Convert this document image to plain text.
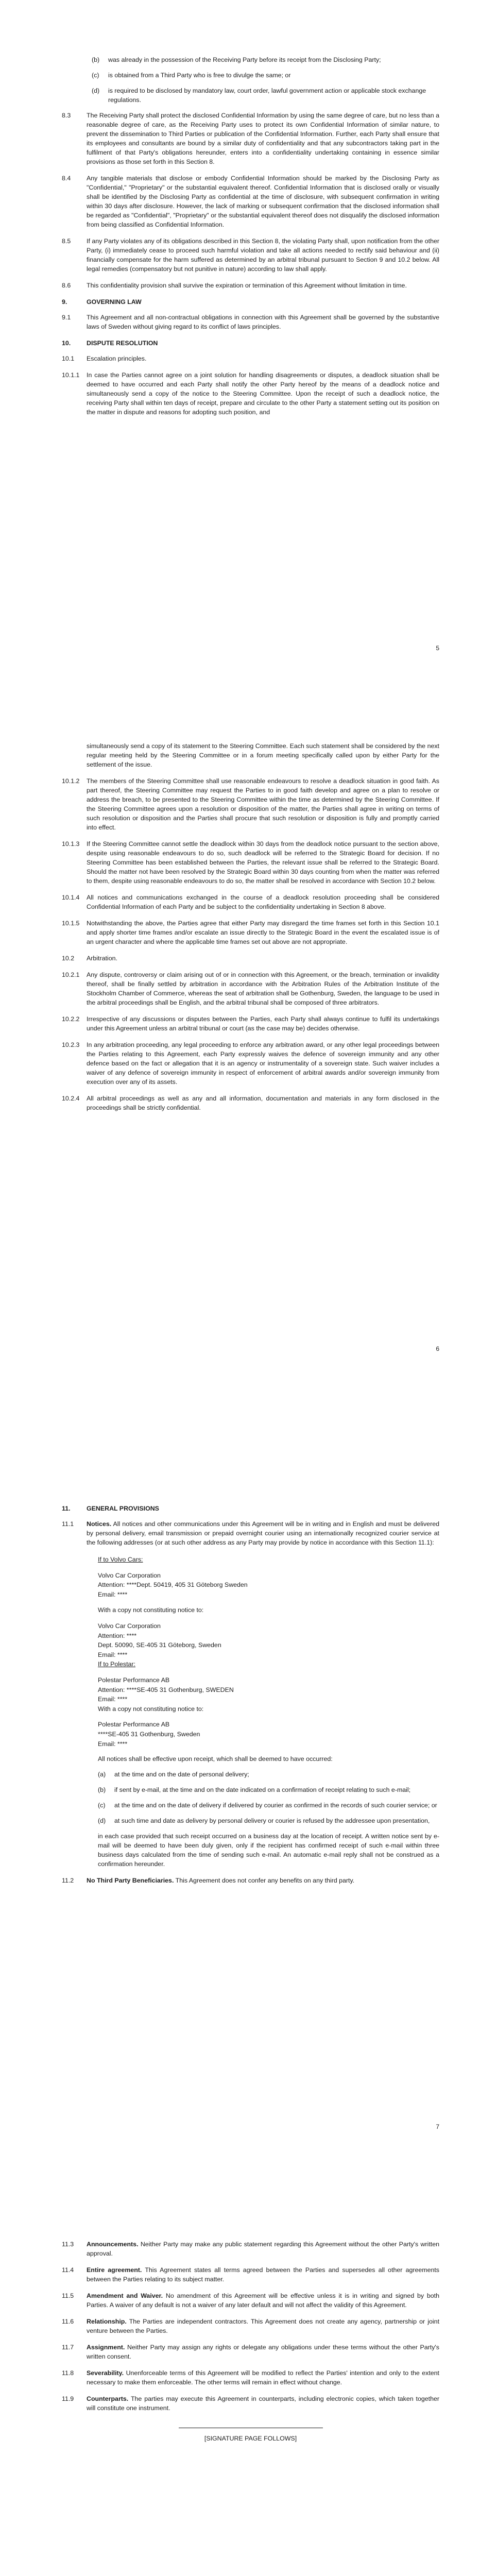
(b)	was already in the possession of the Receiving Party before its receipt from the Disclosing Party;
(c)	is obtained from a Third Party who is free to divulge the same; or
(d)	is required to be disclosed by mandatory law, court order, lawful government action or applicable stock exchange regulations.
8.3	The Receiving Party shall protect the disclosed Confidential Information by using the same degree of care, but no less than a reasonable degree of care, as the Receiving Party uses to protect its own Confidential Information of similar nature, to prevent the dissemination to Third Parties or publication of the Confidential Information. Further, each Party shall ensure that its employees and consultants are bound by a similar duty of confidentiality and that any subcontractors taking part in the fulfilment of that Party's obligations hereunder, enters into a confidentiality undertaking containing in essence similar provisions as those set forth in this Section 8.
8.4	Any tangible materials that disclose or embody Confidential Information should be marked by the Disclosing Party as "Confidential," "Proprietary" or the substantial equivalent thereof. Confidential Information that is disclosed orally or visually shall be identified by the Disclosing Party as confidential at the time of disclosure, with subsequent confirmation in writing within 30 days after disclosure. However, the lack of marking or subsequent confirmation that the disclosed information shall be regarded as "Confidential", "Proprietary" or the substantial equivalent thereof does not disqualify the disclosed information from being classified as Confidential Information.
8.5	If any Party violates any of its obligations described in this Section 8, the violating Party shall, upon notification from the other Party, (i) immediately cease to proceed such harmful violation and take all actions needed to rectify said behaviour and (ii) financially compensate for the harm suffered as determined by an arbitral tribunal pursuant to Section 9 and 10.2 below. All legal remedies (compensatory but not punitive in nature) according to law shall apply.
8.6	This confidentiality provision shall survive the expiration or termination of this Agreement without limitation in time.
9.	GOVERNING LAW
9.1	This Agreement and all non-contractual obligations in connection with this Agreement shall be governed by the substantive laws of Sweden without giving regard to its conflict of laws principles.
10.	DISPUTE RESOLUTION
10.1	Escalation principles.
10.1.1	In case the Parties cannot agree on a joint solution for handling disagreements or disputes, a deadlock situation shall be deemed to have occurred and each Party shall notify the other Party hereof by the means of a deadlock notice and simultaneously send a copy of the notice to the Steering Committee. Upon the receipt of such a deadlock notice, the receiving Party shall within ten days of receipt, prepare and circulate to the other Party a statement setting out its position on the matter in dispute and reasons for adopting such position, and
5
simultaneously send a copy of its statement to the Steering Committee. Each such statement shall be considered by the next regular meeting held by the Steering Committee or in a forum meeting specifically called upon by either Party for the settlement of the issue.
10.1.2	The members of the Steering Committee shall use reasonable endeavours to resolve a deadlock situation in good faith. As part thereof, the Steering Committee may request the Parties to in good faith develop and agree on a plan to resolve or address the breach, to be presented to the Steering Committee within the time as determined by the Steering Committee. If the Steering Committee agrees upon a resolution or disposition of the matter, the Parties shall agree in writing on terms of such resolution or disposition and the Parties shall procure that such resolution or disposition is fully and promptly carried into effect.
10.1.3	If the Steering Committee cannot settle the deadlock within 30 days from the deadlock notice pursuant to the section above, despite using reasonable endeavours to do so, such deadlock will be referred to the Strategic Board for decision. If no Steering Committee has been established between the Parties, the relevant issue shall be referred to the Strategic Board. Should the matter not have been resolved by the Strategic Board within 30 days counting from when the matter was referred to them, despite using reasonable endeavours to do so, the matter shall be resolved in accordance with Section 10.2 below.
10.1.4	All notices and communications exchanged in the course of a deadlock resolution proceeding shall be considered Confidential Information of each Party and be subject to the confidentiality undertaking in Section 8 above.
10.1.5	Notwithstanding the above, the Parties agree that either Party may disregard the time frames set forth in this Section 10.1 and apply shorter time frames and/or escalate an issue directly to the Strategic Board in the event the escalated issue is of an urgent character and where the applicable time frames set out above are not appropriate.
10.2	Arbitration.
10.2.1	Any dispute, controversy or claim arising out of or in connection with this Agreement, or the breach, termination or invalidity thereof, shall be finally settled by arbitration in accordance with the Arbitration Rules of the Arbitration Institute of the Stockholm Chamber of Commerce, whereas the seat of arbitration shall be Gothenburg, Sweden, the language to be used in the arbitral proceedings shall be English, and the arbitral tribunal shall be composed of three arbitrators.
10.2.2	Irrespective of any discussions or disputes between the Parties, each Party shall always continue to fulfil its undertakings under this Agreement unless an arbitral tribunal or court (as the case may be) decides otherwise.
10.2.3	In any arbitration proceeding, any legal proceeding to enforce any arbitration award, or any other legal proceedings between the Parties relating to this Agreement, each Party expressly waives the defence of sovereign immunity and any other defence based on the fact or allegation that it is an agency or instrumentality of a sovereign state. Such waiver includes a waiver of any defence of sovereign immunity in respect of enforcement of arbitral awards and/or sovereign immunity from execution over any of its assets.
10.2.4	All arbitral proceedings as well as any and all information, documentation and materials in any form disclosed in the proceedings shall be strictly confidential.
6
11.	GENERAL PROVISIONS
11.1	Notices. All notices and other communications under this Agreement will be in writing and in English and must be delivered by personal delivery, email transmission or prepaid overnight courier using an internationally recognized courier service at the following addresses (or at such other address as any Party may provide by notice in accordance with this Section 11.1):
If to Volvo Cars:
Volvo Car Corporation
Attention: ****Dept. 50419, 405 31 Göteborg Sweden
Email: ****
With a copy not constituting notice to:
Volvo Car Corporation
Attention: ****
Dept. 50090, SE-405 31 Göteborg, Sweden
Email: ****
If to Polestar:
Polestar Performance AB
Attention: ****SE-405 31 Gothenburg, SWEDEN
Email: ****
With a copy not constituting notice to:
Polestar Performance AB
****SE-405 31 Gothenburg, Sweden
Email: ****
All notices shall be effective upon receipt, which shall be deemed to have occurred:
(a)	at the time and on the date of personal delivery;
(b)	if sent by e-mail, at the time and on the date indicated on a confirmation of receipt relating to such e-mail;
(c)	at the time and on the date of delivery if delivered by courier as confirmed in the records of such courier service; or
(d)	at such time and date as delivery by personal delivery or courier is refused by the addressee upon presentation,
in each case provided that such receipt occurred on a business day at the location of receipt. A written notice sent by e-mail will be deemed to have been duly given, only if the recipient has confirmed receipt of such e-mail within three business days calculated from the time of sending such e-mail. An automatic e-mail reply shall not be construed as a confirmation hereunder.
11.2	No Third Party Beneficiaries. This Agreement does not confer any benefits on any third party.
7
11.3	Announcements. Neither Party may make any public statement regarding this Agreement without the other Party's written approval.
11.4	Entire agreement. This Agreement states all terms agreed between the Parties and supersedes all other agreements between the Parties relating to its subject matter.
11.5	Amendment and Waiver. No amendment of this Agreement will be effective unless it is in writing and signed by both Parties. A waiver of any default is not a waiver of any later default and will not affect the validity of this Agreement.
11.6	Relationship. The Parties are independent contractors. This Agreement does not create any agency, partnership or joint venture between the Parties.
11.7	Assignment. Neither Party may assign any rights or delegate any obligations under these terms without the other Party's written consent.
11.8	Severability. Unenforceable terms of this Agreement will be modified to reflect the Parties' intention and only to the extent necessary to make them enforceable. The other terms will remain in effect without change.
11.9	Counterparts. The parties may execute this Agreement in counterparts, including electronic copies, which taken together will constitute one instrument.
[SIGNATURE PAGE FOLLOWS]
